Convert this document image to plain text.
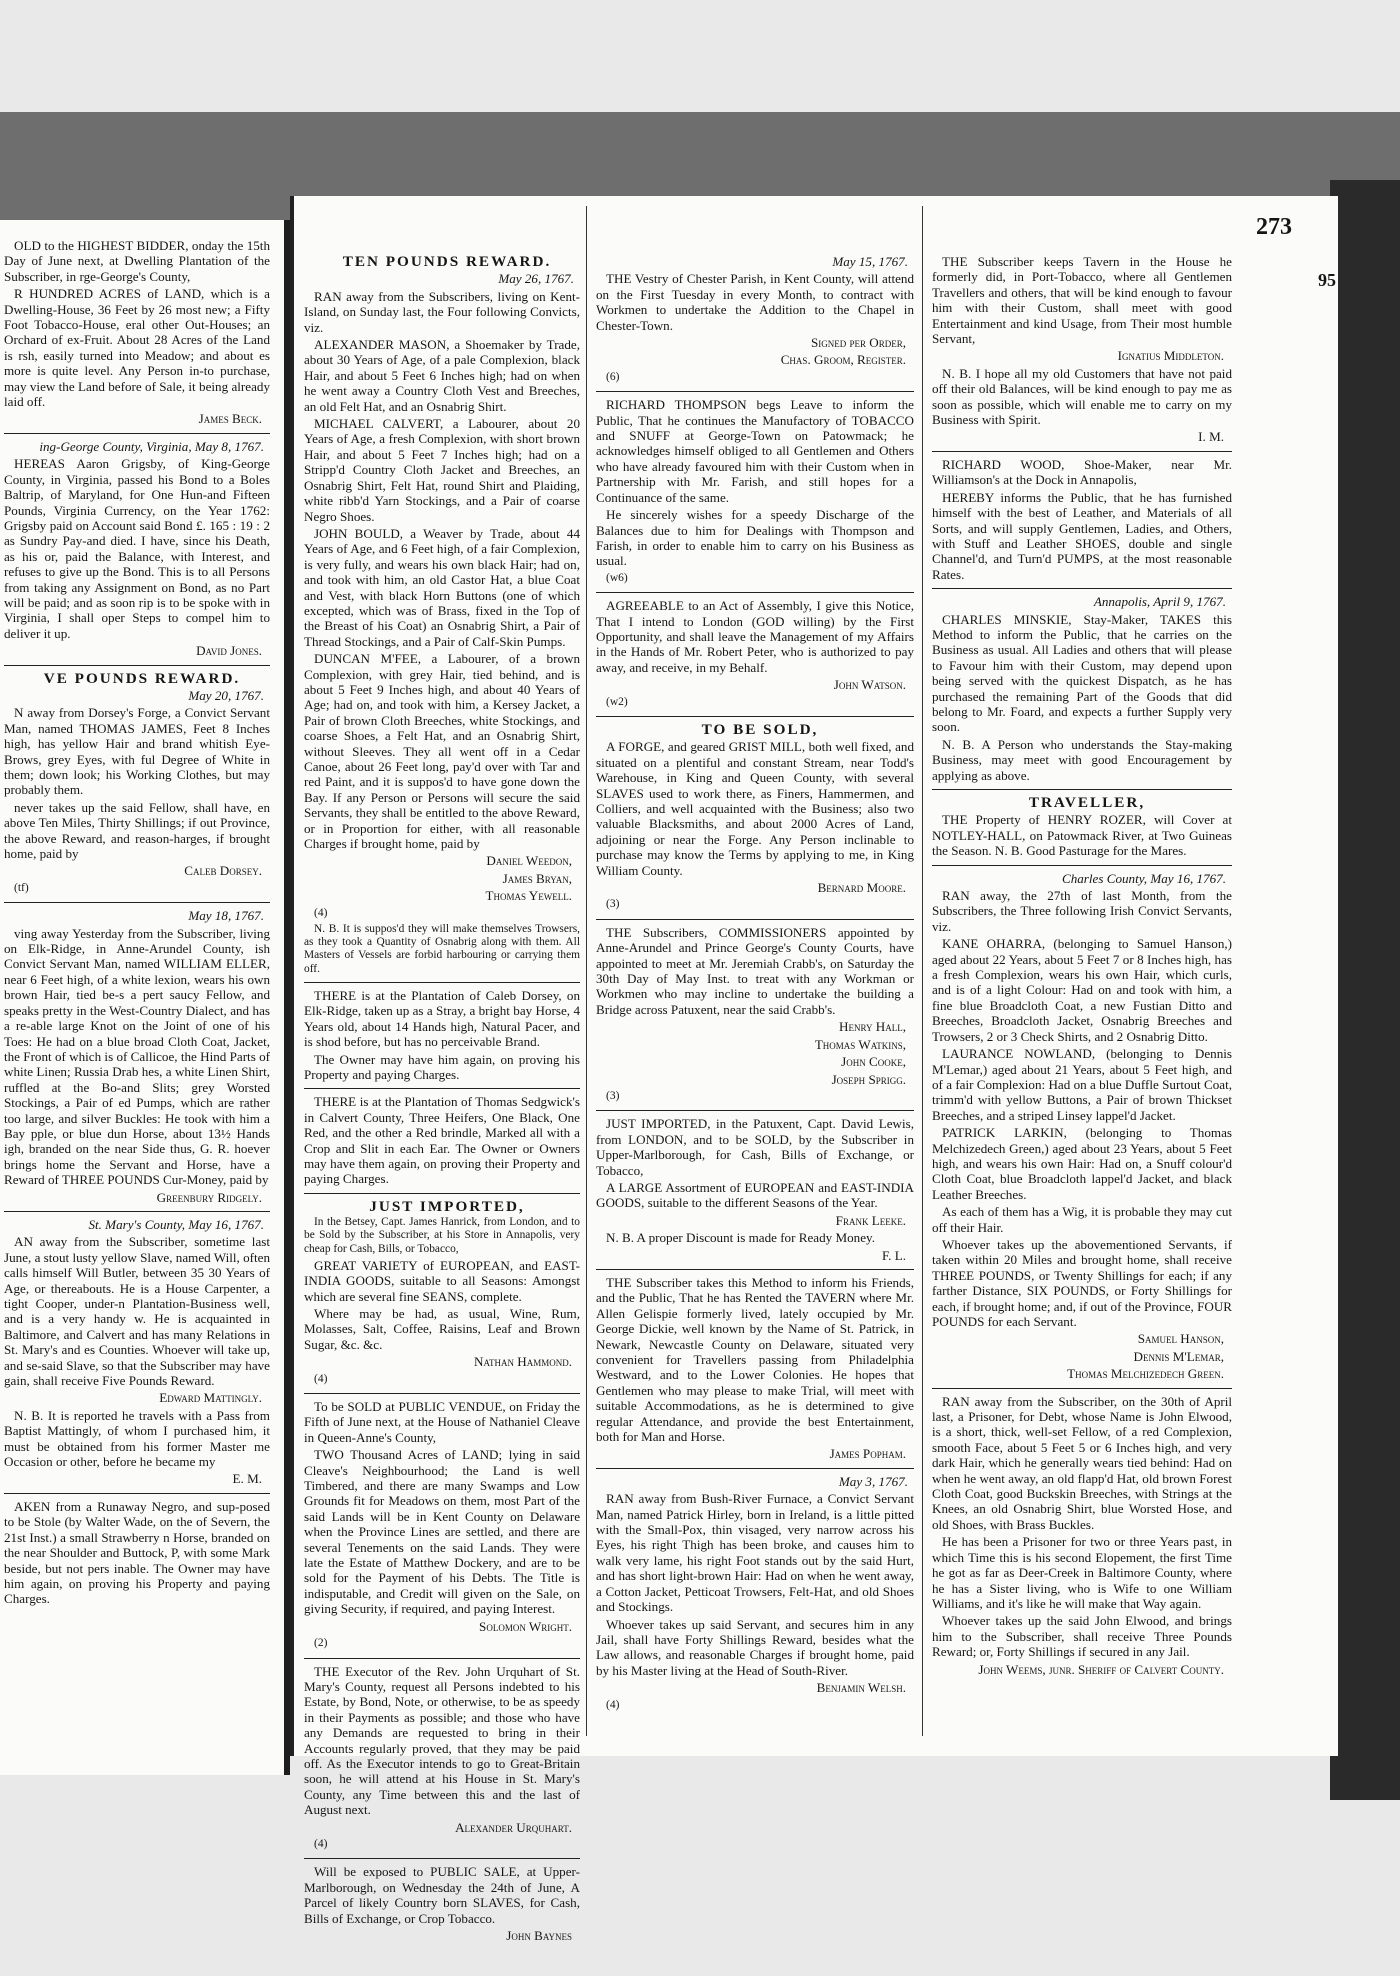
OLD to the HIGHEST BIDDER, onday the 15th Day of June next, at Dwelling Plantation of the Subscriber, in rge-George's County,

R HUNDRED ACRES of LAND, which is a Dwelling-House, 36 Feet by 26 most new; a Fifty Foot Tobacco-House, eral other Out-Houses; an Orchard of ex-Fruit. About 28 Acres of the Land is rsh, easily turned into Meadow; and about es more is quite level. Any Person in-to purchase, may view the Land before of Sale, it being already laid off.

James Beck.

ing-George County, Virginia, May 8, 1767.

HEREAS Aaron Grigsby, of King-George County, in Virginia, passed his Bond to a Boles Baltrip, of Maryland, for One Hun-and Fifteen Pounds, Virginia Currency, on the Year 1762: Grigsby paid on Account said Bond £. 165 : 19 : 2 as Sundry Pay-and died. I have, since his Death, as his or, paid the Balance, with Interest, and refuses to give up the Bond. This is to all Persons from taking any Assignment on Bond, as no Part will be paid; and as soon rip is to be spoke with in Virginia, I shall oper Steps to compel him to deliver it up.

David Jones.

VE POUNDS REWARD.

May 20, 1767.

N away from Dorsey's Forge, a Convict Servant Man, named THOMAS JAMES, Feet 8 Inches high, has yellow Hair and brand whitish Eye-Brows, grey Eyes, with ful Degree of White in them; down look; his Working Clothes, but may probably them.

never takes up the said Fellow, shall have, en above Ten Miles, Thirty Shillings; if out Province, the above Reward, and reason-harges, if brought home, paid by

Caleb Dorsey.

(tf)

May 18, 1767.

ving away Yesterday from the Subscriber, living on Elk-Ridge, in Anne-Arundel County, ish Convict Servant Man, named WILLIAM ELLER, near 6 Feet high, of a white lexion, wears his own brown Hair, tied be-s a pert saucy Fellow, and speaks pretty in the West-Country Dialect, and has a re-able large Knot on the Joint of one of his Toes: He had on a blue broad Cloth Coat, Jacket, the Front of which is of Callicoe, the Hind Parts of white Linen; Russia Drab hes, a white Linen Shirt, ruffled at the Bo-and Slits; grey Worsted Stockings, a Pair of ed Pumps, which are rather too large, and silver Buckles: He took with him a Bay pple, or blue dun Horse, about 13½ Hands igh, branded on the near Side thus, G. R. hoever brings home the Servant and Horse, have a Reward of THREE POUNDS Cur-Money, paid by

Greenbury Ridgely.

St. Mary's County, May 16, 1767.

AN away from the Subscriber, sometime last June, a stout lusty yellow Slave, named Will, often calls himself Will Butler, between 35 30 Years of Age, or thereabouts. He is a House Carpenter, a tight Cooper, under-n Plantation-Business well, and is a very handy w. He is acquainted in Baltimore, and Calvert and has many Relations in St. Mary's and es Counties. Whoever will take up, and se-said Slave, so that the Subscriber may have gain, shall receive Five Pounds Reward.

Edward Mattingly.

N. B. It is reported he travels with a Pass from Baptist Mattingly, of whom I purchased him, it must be obtained from his former Master me Occasion or other, before he became my

E. M.

AKEN from a Runaway Negro, and sup-posed to be Stole (by Walter Wade, on the of Severn, the 21st Inst.) a small Strawberry n Horse, branded on the near Shoulder and Buttock, P, with some Mark beside, but not pers inable. The Owner may have him again, on proving his Property and paying Charges.

273
95

TEN POUNDS REWARD.

May 26, 1767.

RAN away from the Subscribers, living on Kent-Island, on Sunday last, the Four following Convicts, viz.

ALEXANDER MASON, a Shoemaker by Trade, about 30 Years of Age, of a pale Complexion, black Hair, and about 5 Feet 6 Inches high; had on when he went away a Country Cloth Vest and Breeches, an old Felt Hat, and an Osnabrig Shirt.

MICHAEL CALVERT, a Labourer, about 20 Years of Age, a fresh Complexion, with short brown Hair, and about 5 Feet 7 Inches high; had on a Stripp'd Country Cloth Jacket and Breeches, an Osnabrig Shirt, Felt Hat, round Shirt and Plaiding, white ribb'd Yarn Stockings, and a Pair of coarse Negro Shoes.

JOHN BOULD, a Weaver by Trade, about 44 Years of Age, and 6 Feet high, of a fair Complexion, is very fully, and wears his own black Hair; had on, and took with him, an old Castor Hat, a blue Coat and Vest, with black Horn Buttons (one of which excepted, which was of Brass, fixed in the Top of the Breast of his Coat) an Osnabrig Shirt, a Pair of Thread Stockings, and a Pair of Calf-Skin Pumps.

DUNCAN M'FEE, a Labourer, of a brown Complexion, with grey Hair, tied behind, and is about 5 Feet 9 Inches high, and about 40 Years of Age; had on, and took with him, a Kersey Jacket, a Pair of brown Cloth Breeches, white Stockings, and coarse Shoes, a Felt Hat, and an Osnabrig Shirt, without Sleeves. They all went off in a Cedar Canoe, about 26 Feet long, pay'd over with Tar and red Paint, and it is suppos'd to have gone down the Bay. If any Person or Persons will secure the said Servants, they shall be entitled to the above Reward, or in Proportion for either, with all reasonable Charges if brought home, paid by

Daniel Weedon,

James Bryan,

Thomas Yewell.

(4)

N. B. It is suppos'd they will make themselves Trowsers, as they took a Quantity of Osnabrig along with them. All Masters of Vessels are forbid harbouring or carrying them off.

THERE is at the Plantation of Caleb Dorsey, on Elk-Ridge, taken up as a Stray, a bright bay Horse, 4 Years old, about 14 Hands high, Natural Pacer, and is shod before, but has no perceivable Brand.

The Owner may have him again, on proving his Property and paying Charges.

THERE is at the Plantation of Thomas Sedgwick's in Calvert County, Three Heifers, One Black, One Red, and the other a Red brindle, Marked all with a Crop and Slit in each Ear. The Owner or Owners may have them again, on proving their Property and paying Charges.

JUST IMPORTED,

In the Betsey, Capt. James Hanrick, from London, and to be Sold by the Subscriber, at his Store in Annapolis, very cheap for Cash, Bills, or Tobacco,

GREAT VARIETY of EUROPEAN, and EAST-INDIA GOODS, suitable to all Seasons: Amongst which are several fine SEANS, complete.

Where may be had, as usual, Wine, Rum, Molasses, Salt, Coffee, Raisins, Leaf and Brown Sugar, &c. &c.

Nathan Hammond.

(4)

To be SOLD at PUBLIC VENDUE, on Friday the Fifth of June next, at the House of Nathaniel Cleave in Queen-Anne's County,

TWO Thousand Acres of LAND; lying in said Cleave's Neighbourhood; the Land is well Timbered, and there are many Swamps and Low Grounds fit for Meadows on them, most Part of the said Lands will be in Kent County on Delaware when the Province Lines are settled, and there are several Tenements on the said Lands. They were late the Estate of Matthew Dockery, and are to be sold for the Payment of his Debts. The Title is indisputable, and Credit will given on the Sale, on giving Security, if required, and paying Interest.

Solomon Wright.

(2)

THE Executor of the Rev. John Urquhart of St. Mary's County, request all Persons indebted to his Estate, by Bond, Note, or otherwise, to be as speedy in their Payments as possible; and those who have any Demands are requested to bring in their Accounts regularly proved, that they may be paid off. As the Executor intends to go to Great-Britain soon, he will attend at his House in St. Mary's County, any Time between this and the last of August next.

Alexander Urquhart.

(4)

Will be exposed to PUBLIC SALE, at Upper-Marlborough, on Wednesday the 24th of June, A Parcel of likely Country born SLAVES, for Cash, Bills of Exchange, or Crop Tobacco.

John Baynes

May 15, 1767.

THE Vestry of Chester Parish, in Kent County, will attend on the First Tuesday in every Month, to contract with Workmen to undertake the Addition to the Chapel in Chester-Town.

Signed per Order,

Chas. Groom, Register.

(6)

RICHARD THOMPSON begs Leave to inform the Public, That he continues the Manufactory of TOBACCO and SNUFF at George-Town on Patowmack; he acknowledges himself obliged to all Gentlemen and Others who have already favoured him with their Custom when in Partnership with Mr. Farish, and still hopes for a Continuance of the same.

He sincerely wishes for a speedy Discharge of the Balances due to him for Dealings with Thompson and Farish, in order to enable him to carry on his Business as usual.

(w6)

AGREEABLE to an Act of Assembly, I give this Notice, That I intend to London (GOD willing) by the First Opportunity, and shall leave the Management of my Affairs in the Hands of Mr. Robert Peter, who is authorized to pay away, and receive, in my Behalf.

John Watson.

(w2)

TO BE SOLD,

A FORGE, and geared GRIST MILL, both well fixed, and situated on a plentiful and constant Stream, near Todd's Warehouse, in King and Queen County, with several SLAVES used to work there, as Finers, Hammermen, and Colliers, and well acquainted with the Business; also two valuable Blacksmiths, and about 2000 Acres of Land, adjoining or near the Forge. Any Person inclinable to purchase may know the Terms by applying to me, in King William County.

Bernard Moore.

(3)

THE Subscribers, COMMISSIONERS appointed by Anne-Arundel and Prince George's County Courts, have appointed to meet at Mr. Jeremiah Crabb's, on Saturday the 30th Day of May Inst. to treat with any Workman or Workmen who may incline to undertake the building a Bridge across Patuxent, near the said Crabb's.

Henry Hall,

Thomas Watkins,

John Cooke,

Joseph Sprigg.

(3)

JUST IMPORTED, in the Patuxent, Capt. David Lewis, from LONDON, and to be SOLD, by the Subscriber in Upper-Marlborough, for Cash, Bills of Exchange, or Tobacco,

A LARGE Assortment of EUROPEAN and EAST-INDIA GOODS, suitable to the different Seasons of the Year.

Frank Leeke.

N. B. A proper Discount is made for Ready Money.

F. L.

THE Subscriber takes this Method to inform his Friends, and the Public, That he has Rented the TAVERN where Mr. Allen Gelispie formerly lived, lately occupied by Mr. George Dickie, well known by the Name of St. Patrick, in Newark, Newcastle County on Delaware, situated very convenient for Travellers passing from Philadelphia Westward, and to the Lower Colonies. He hopes that Gentlemen who may please to make Trial, will meet with suitable Accommodations, as he is determined to give regular Attendance, and provide the best Entertainment, both for Man and Horse.

James Popham.

May 3, 1767.

RAN away from Bush-River Furnace, a Convict Servant Man, named Patrick Hirley, born in Ireland, is a little pitted with the Small-Pox, thin visaged, very narrow across his Eyes, his right Thigh has been broke, and causes him to walk very lame, his right Foot stands out by the said Hurt, and has short light-brown Hair: Had on when he went away, a Cotton Jacket, Petticoat Trowsers, Felt-Hat, and old Shoes and Stockings.

Whoever takes up said Servant, and secures him in any Jail, shall have Forty Shillings Reward, besides what the Law allows, and reasonable Charges if brought home, paid by his Master living at the Head of South-River.

Benjamin Welsh.

(4)

THE Subscriber keeps Tavern in the House he formerly did, in Port-Tobacco, where all Gentlemen Travellers and others, that will be kind enough to favour him with their Custom, shall meet with good Entertainment and kind Usage, from Their most humble Servant,

Ignatius Middleton.

N. B. I hope all my old Customers that have not paid off their old Balances, will be kind enough to pay me as soon as possible, which will enable me to carry on my Business with Spirit.

I. M.

RICHARD WOOD, Shoe-Maker, near Mr. Williamson's at the Dock in Annapolis,

HEREBY informs the Public, that he has furnished himself with the best of Leather, and Materials of all Sorts, and will supply Gentlemen, Ladies, and Others, with Stuff and Leather SHOES, double and single Channel'd, and Turn'd PUMPS, at the most reasonable Rates.

Annapolis, April 9, 1767.

CHARLES MINSKIE, Stay-Maker, TAKES this Method to inform the Public, that he carries on the Business as usual. All Ladies and others that will please to Favour him with their Custom, may depend upon being served with the quickest Dispatch, as he has purchased the remaining Part of the Goods that did belong to Mr. Foard, and expects a further Supply very soon.

N. B. A Person who understands the Stay-making Business, may meet with good Encouragement by applying as above.

TRAVELLER,

THE Property of HENRY ROZER, will Cover at NOTLEY-HALL, on Patowmack River, at Two Guineas the Season. N. B. Good Pasturage for the Mares.

Charles County, May 16, 1767.

RAN away, the 27th of last Month, from the Subscribers, the Three following Irish Convict Servants, viz.

KANE OHARRA, (belonging to Samuel Hanson,) aged about 22 Years, about 5 Feet 7 or 8 Inches high, has a fresh Complexion, wears his own Hair, which curls, and is of a light Colour: Had on and took with him, a fine blue Broadcloth Coat, a new Fustian Ditto and Breeches, Broadcloth Jacket, Osnabrig Breeches and Trowsers, 2 or 3 Check Shirts, and 2 Osnabrig Ditto.

LAURANCE NOWLAND, (belonging to Dennis M'Lemar,) aged about 21 Years, about 5 Feet high, and of a fair Complexion: Had on a blue Duffle Surtout Coat, trimm'd with yellow Buttons, a Pair of brown Thickset Breeches, and a striped Linsey lappel'd Jacket.

PATRICK LARKIN, (belonging to Thomas Melchizedech Green,) aged about 23 Years, about 5 Feet high, and wears his own Hair: Had on, a Snuff colour'd Cloth Coat, blue Broadcloth lappel'd Jacket, and black Leather Breeches.

As each of them has a Wig, it is probable they may cut off their Hair.

Whoever takes up the abovementioned Servants, if taken within 20 Miles and brought home, shall receive THREE POUNDS, or Twenty Shillings for each; if any farther Distance, SIX POUNDS, or Forty Shillings for each, if brought home; and, if out of the Province, FOUR POUNDS for each Servant.

Samuel Hanson,

Dennis M'Lemar,

Thomas Melchizedech Green.

RAN away from the Subscriber, on the 30th of April last, a Prisoner, for Debt, whose Name is John Elwood, is a short, thick, well-set Fellow, of a red Complexion, smooth Face, about 5 Feet 5 or 6 Inches high, and very dark Hair, which he generally wears tied behind: Had on when he went away, an old flapp'd Hat, old brown Forest Cloth Coat, good Buckskin Breeches, with Strings at the Knees, an old Osnabrig Shirt, blue Worsted Hose, and old Shoes, with Brass Buckles.

He has been a Prisoner for two or three Years past, in which Time this is his second Elopement, the first Time he got as far as Deer-Creek in Baltimore County, where he has a Sister living, who is Wife to one William Williams, and it's like he will make that Way again.

Whoever takes up the said John Elwood, and brings him to the Subscriber, shall receive Three Pounds Reward; or, Forty Shillings if secured in any Jail.

John Weems, junr. Sheriff of Calvert County.
